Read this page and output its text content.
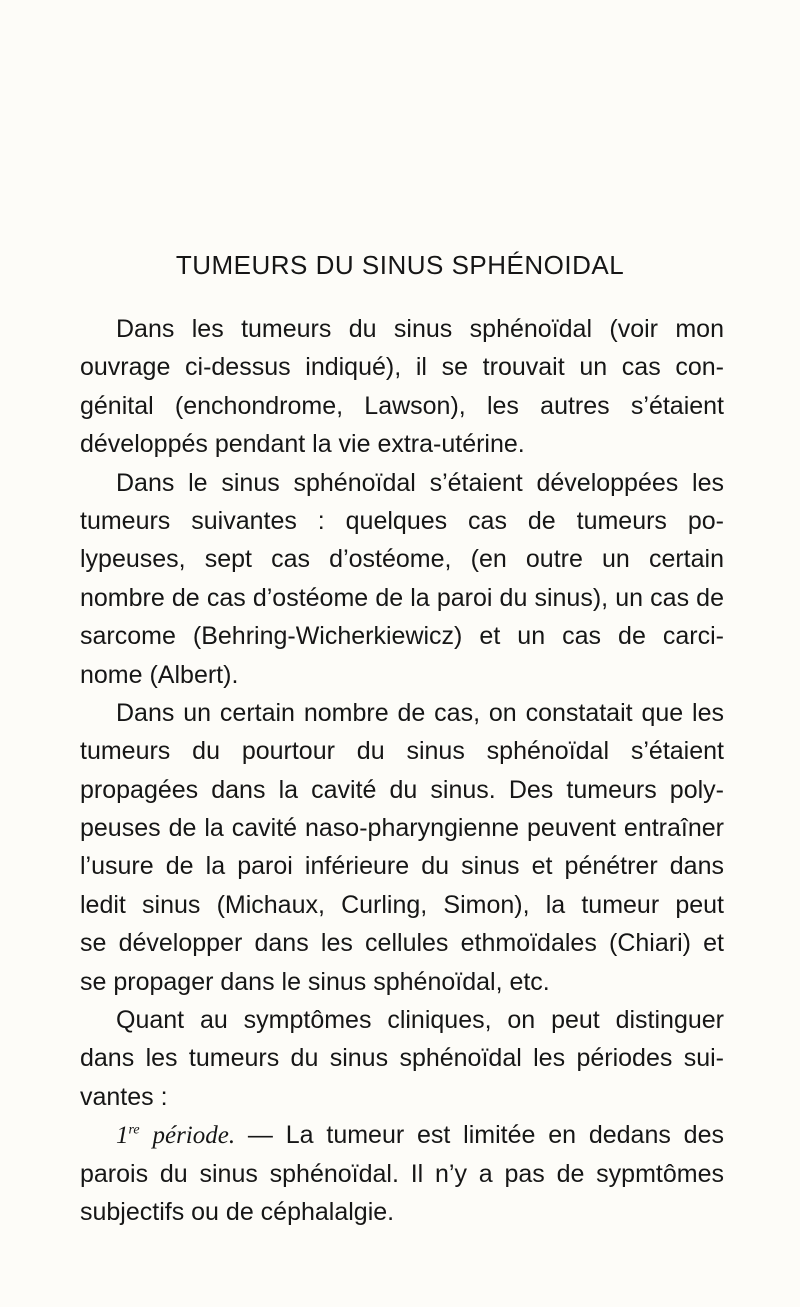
TUMEURS DU SINUS SPHÉNOIDAL
Dans les tumeurs du sinus sphénoïdal (voir mon
ouvrage ci-dessus indiqué), il se trouvait un cas con-
génital (enchondrome, Lawson), les autres s’étaient
développés pendant la vie extra-utérine.
Dans le sinus sphénoïdal s’étaient développées les
tumeurs suivantes : quelques cas de tumeurs po-
lypeuses, sept cas d’ostéome, (en outre un certain
nombre de cas d’ostéome de la paroi du sinus), un cas de
sarcome (Behring-Wicherkiewicz) et un cas de carci-
nome (Albert).
Dans un certain nombre de cas, on constatait que les
tumeurs du pourtour du sinus sphénoïdal s’étaient
propagées dans la cavité du sinus. Des tumeurs poly-
peuses de la cavité naso-pharyngienne peuvent entraîner
l’usure de la paroi inférieure du sinus et pénétrer dans
ledit sinus (Michaux, Curling, Simon), la tumeur peut
se développer dans les cellules ethmoïdales (Chiari) et
se propager dans le sinus sphénoïdal, etc.
Quant au symptômes cliniques, on peut distinguer
dans les tumeurs du sinus sphénoïdal les périodes sui-
vantes :
1re période. — La tumeur est limitée en dedans des
parois du sinus sphénoïdal. Il n’y a pas de sypmtômes
subjectifs ou de céphalalgie.
